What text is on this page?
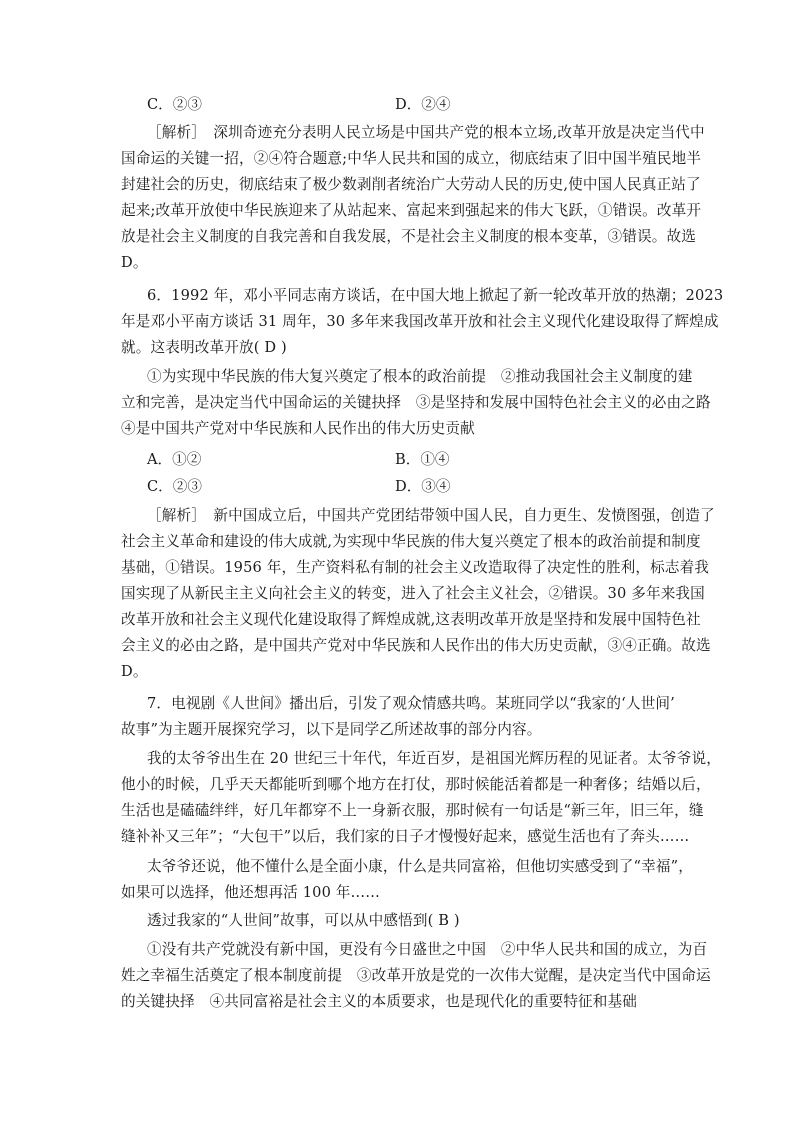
C．②③	D．②④
［解析］　深圳奇迹充分表明人民立场是中国共产党的根本立场,改革开放是决定当代中
国命运的关键一招，②④符合题意;中华人民共和国的成立，彻底结束了旧中国半殖民地半
封建社会的历史，彻底结束了极少数剥削者统治广大劳动人民的历史,使中国人民真正站了
起来;改革开放使中华民族迎来了从站起来、富起来到强起来的伟大飞跃，①错误。改革开
放是社会主义制度的自我完善和自我发展，不是社会主义制度的根本变革，③错误。故选
D。
6．1992 年，邓小平同志南方谈话，在中国大地上掀起了新一轮改革开放的热潮；2023
年是邓小平南方谈话 31 周年，30 多年来我国改革开放和社会主义现代化建设取得了辉煌成
就。这表明改革开放( D )
①为实现中华民族的伟大复兴奠定了根本的政治前提　②推动我国社会主义制度的建
立和完善，是决定当代中国命运的关键抉择　③是坚持和发展中国特色社会主义的必由之路
④是中国共产党对中华民族和人民作出的伟大历史贡献
A．①②	B．①④
C．②③	D．③④
［解析］　新中国成立后，中国共产党团结带领中国人民，自力更生、发愤图强，创造了
社会主义革命和建设的伟大成就,为实现中华民族的伟大复兴奠定了根本的政治前提和制度
基础，①错误。1956 年，生产资料私有制的社会主义改造取得了决定性的胜利，标志着我
国实现了从新民主主义向社会主义的转变，进入了社会主义社会，②错误。30 多年来我国
改革开放和社会主义现代化建设取得了辉煌成就,这表明改革开放是坚持和发展中国特色社
会主义的必由之路，是中国共产党对中华民族和人民作出的伟大历史贡献，③④正确。故选
D。
7．电视剧《人世间》播出后，引发了观众情感共鸣。某班同学以“我家的‘人世间’
故事”为主题开展探究学习，以下是同学乙所述故事的部分内容。
我的太爷爷出生在 20 世纪三十年代，年近百岁，是祖国光辉历程的见证者。太爷爷说，
他小的时候，几乎天天都能听到哪个地方在打仗，那时候能活着都是一种奢侈；结婚以后，
生活也是磕磕绊绊，好几年都穿不上一身新衣服，那时候有一句话是“新三年，旧三年，缝
缝补补又三年”；“大包干”以后，我们家的日子才慢慢好起来，感觉生活也有了奔头……
太爷爷还说，他不懂什么是全面小康，什么是共同富裕，但他切实感受到了“幸福”，
如果可以选择，他还想再活 100 年……
透过我家的“人世间”故事，可以从中感悟到( B )
①没有共产党就没有新中国，更没有今日盛世之中国　②中华人民共和国的成立，为百
姓之幸福生活奠定了根本制度前提　③改革开放是党的一次伟大觉醒，是决定当代中国命运
的关键抉择　④共同富裕是社会主义的本质要求，也是现代化的重要特征和基础
